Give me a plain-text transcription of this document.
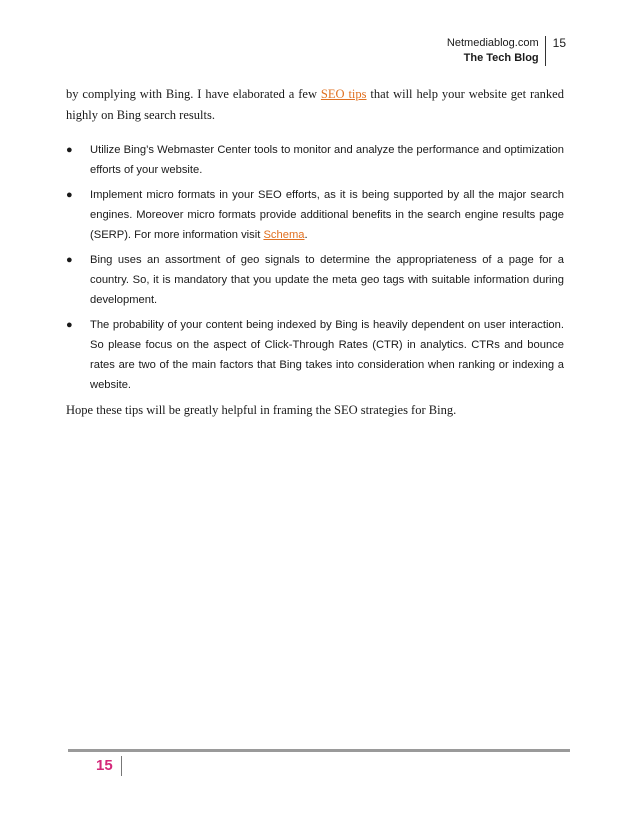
Netmediablog.com
The Tech Blog
15

by complying with Bing. I have elaborated a few SEO tips that will help your website get ranked highly on Bing search results.

● Utilize Bing’s Webmaster Center tools to monitor and analyze the performance and optimization efforts of your website.
● Implement micro formats in your SEO efforts, as it is being supported by all the major search engines. Moreover micro formats provide additional benefits in the search engine results page (SERP). For more information visit Schema.
● Bing uses an assortment of geo signals to determine the appropriateness of a page for a country. So, it is mandatory that you update the meta geo tags with suitable information during development.
● The probability of your content being indexed by Bing is heavily dependent on user interaction. So please focus on the aspect of Click-Through Rates (CTR) in analytics. CTRs and bounce rates are two of the main factors that Bing takes into consideration when ranking or indexing a website.

Hope these tips will be greatly helpful in framing the SEO strategies for Bing.

15
